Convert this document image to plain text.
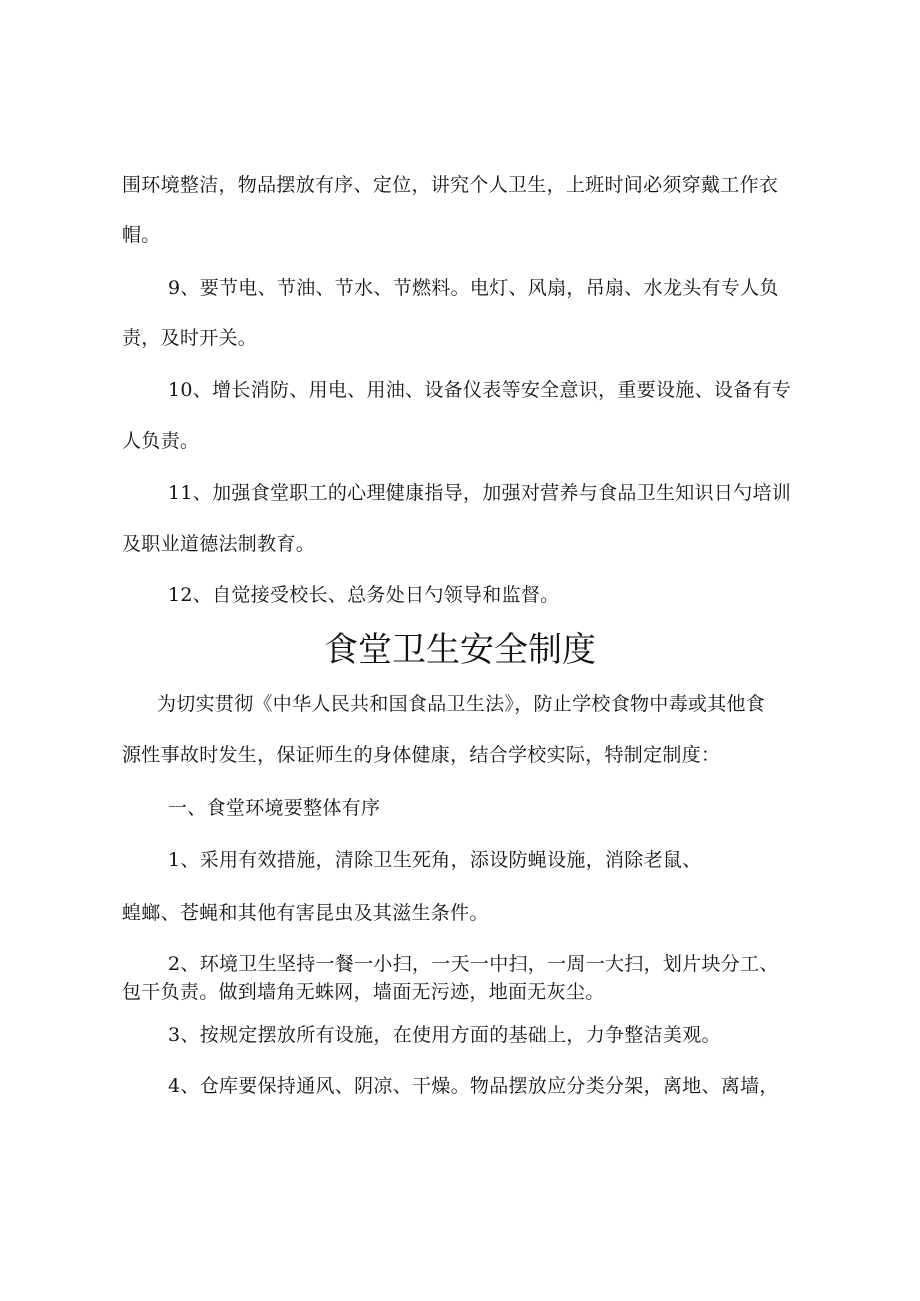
围环境整洁，物品摆放有序、定位，讲究个人卫生，上班时间必须穿戴工作衣
帽。
9、要节电、节油、节水、节燃料。电灯、风扇，吊扇、水龙头有专人负
责，及时开关。
10、增长消防、用电、用油、设备仪表等安全意识，重要设施、设备有专
人负责。
11、加强食堂职工的心理健康指导，加强对营养与食品卫生知识日勺培训
及职业道德法制教育。
12、自觉接受校长、总务处日勺领导和监督。
食堂卫生安全制度
为切实贯彻《中华人民共和国食品卫生法》，防止学校食物中毒或其他食
源性事故时发生，保证师生的身体健康，结合学校实际，特制定制度：
一、食堂环境要整体有序
1、采用有效措施，清除卫生死角，添设防蝇设施，消除老鼠、
蝗螂、苍蝇和其他有害昆虫及其滋生条件。
2、环境卫生坚持一餐一小扫，一天一中扫，一周一大扫，划片块分工、
包干负责。做到墙角无蛛网，墙面无污迹，地面无灰尘。
3、按规定摆放所有设施，在使用方面的基础上，力争整洁美观。
4、仓库要保持通风、阴凉、干燥。物品摆放应分类分架，离地、离墙，
